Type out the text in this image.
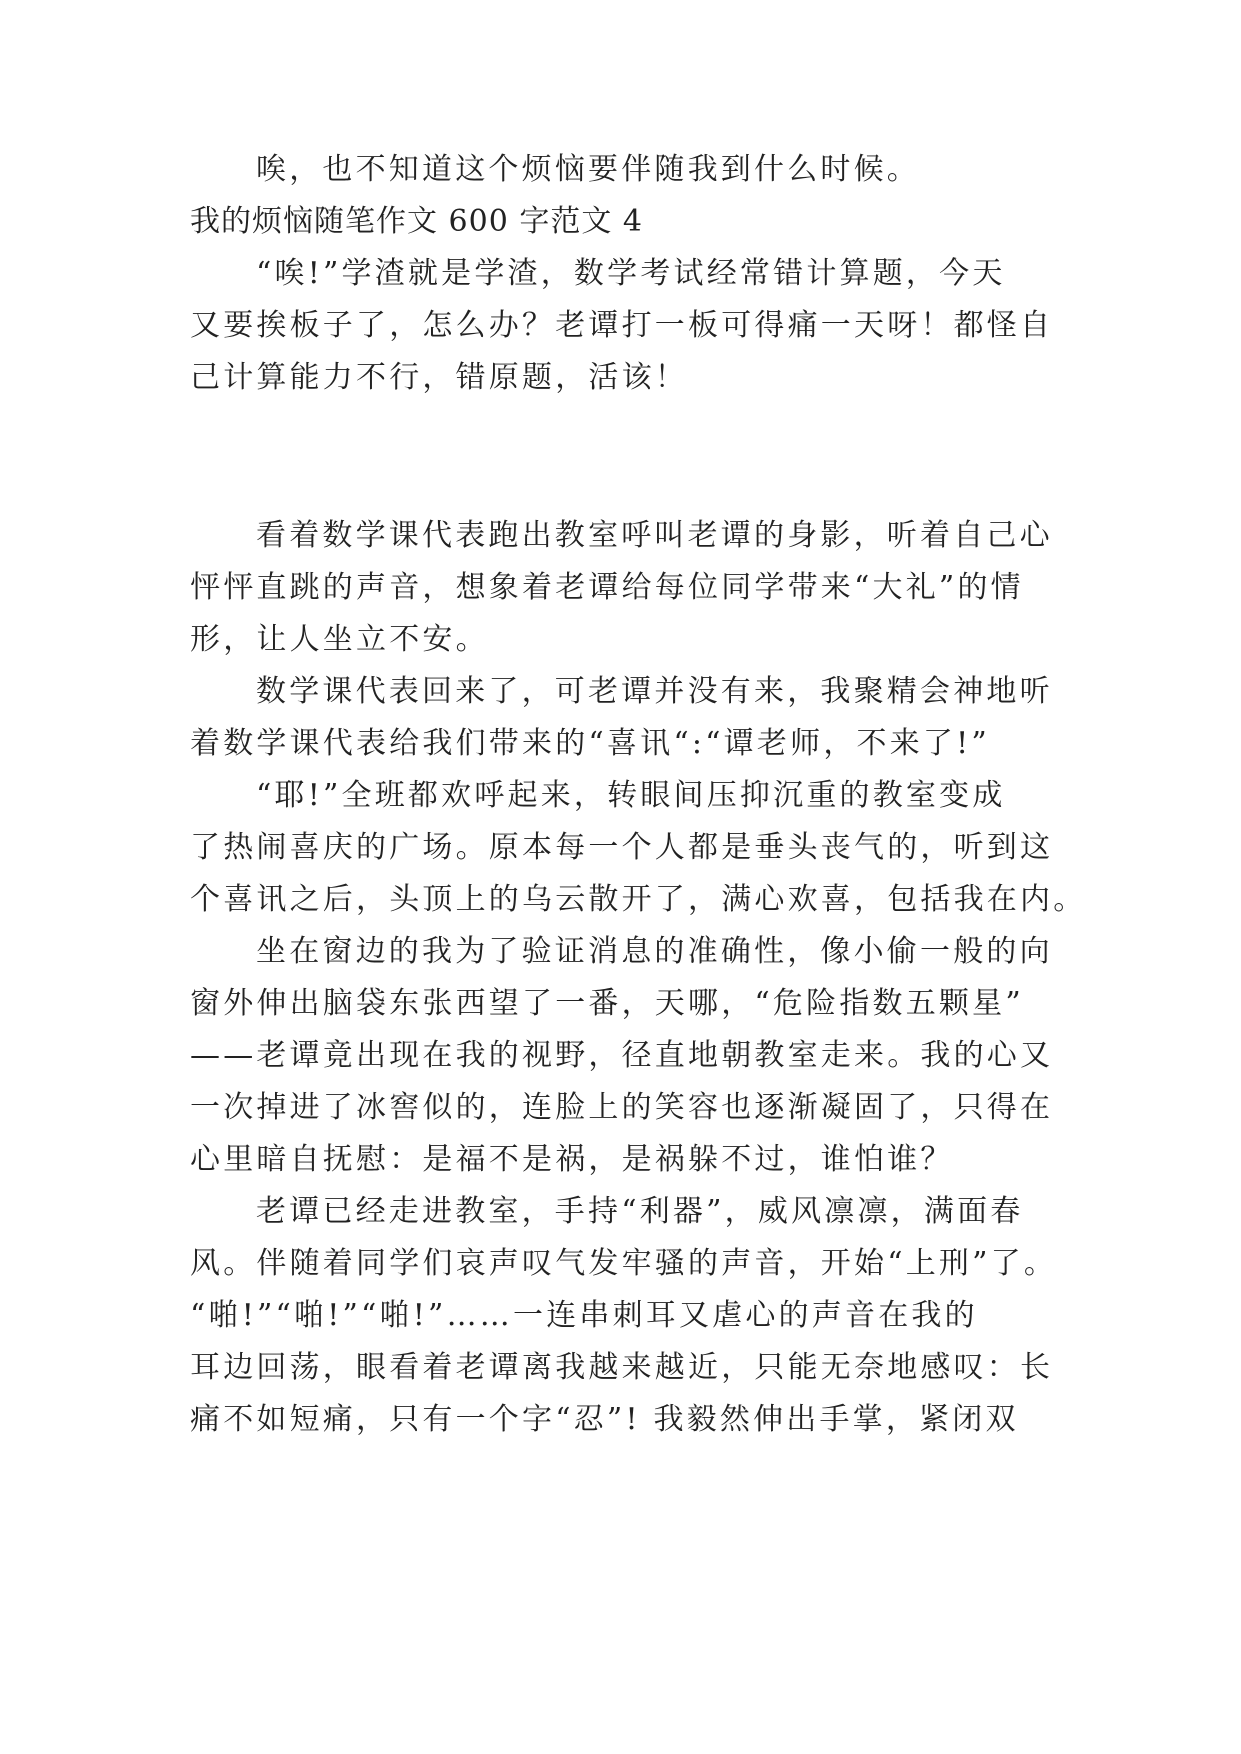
唉，也不知道这个烦恼要伴随我到什么时候。
我的烦恼随笔作文 600 字范文 4
“唉!”学渣就是学渣，数学考试经常错计算题，今天
又要挨板子了，怎么办？老谭打一板可得痛一天呀！都怪自
己计算能力不行，错原题，活该！
看着数学课代表跑出教室呼叫老谭的身影，听着自己心
怦怦直跳的声音，想象着老谭给每位同学带来“大礼”的情
形，让人坐立不安。
数学课代表回来了，可老谭并没有来，我聚精会神地听
着数学课代表给我们带来的“喜讯“:“谭老师，不来了!”
“耶!”全班都欢呼起来，转眼间压抑沉重的教室变成
了热闹喜庆的广场。原本每一个人都是垂头丧气的，听到这
个喜讯之后，头顶上的乌云散开了，满心欢喜，包括我在内。
坐在窗边的我为了验证消息的准确性，像小偷一般的向
窗外伸出脑袋东张西望了一番，天哪，“危险指数五颗星”
——老谭竟出现在我的视野，径直地朝教室走来。我的心又
一次掉进了冰窖似的，连脸上的笑容也逐渐凝固了，只得在
心里暗自抚慰：是福不是祸，是祸躲不过，谁怕谁？
老谭已经走进教室，手持“利器”，威风凛凛，满面春
风。伴随着同学们哀声叹气发牢骚的声音，开始“上刑”了。
“啪!”“啪!”“啪!”……一连串刺耳又虐心的声音在我的
耳边回荡，眼看着老谭离我越来越近，只能无奈地感叹：长
痛不如短痛，只有一个字“忍”! 我毅然伸出手掌，紧闭双
